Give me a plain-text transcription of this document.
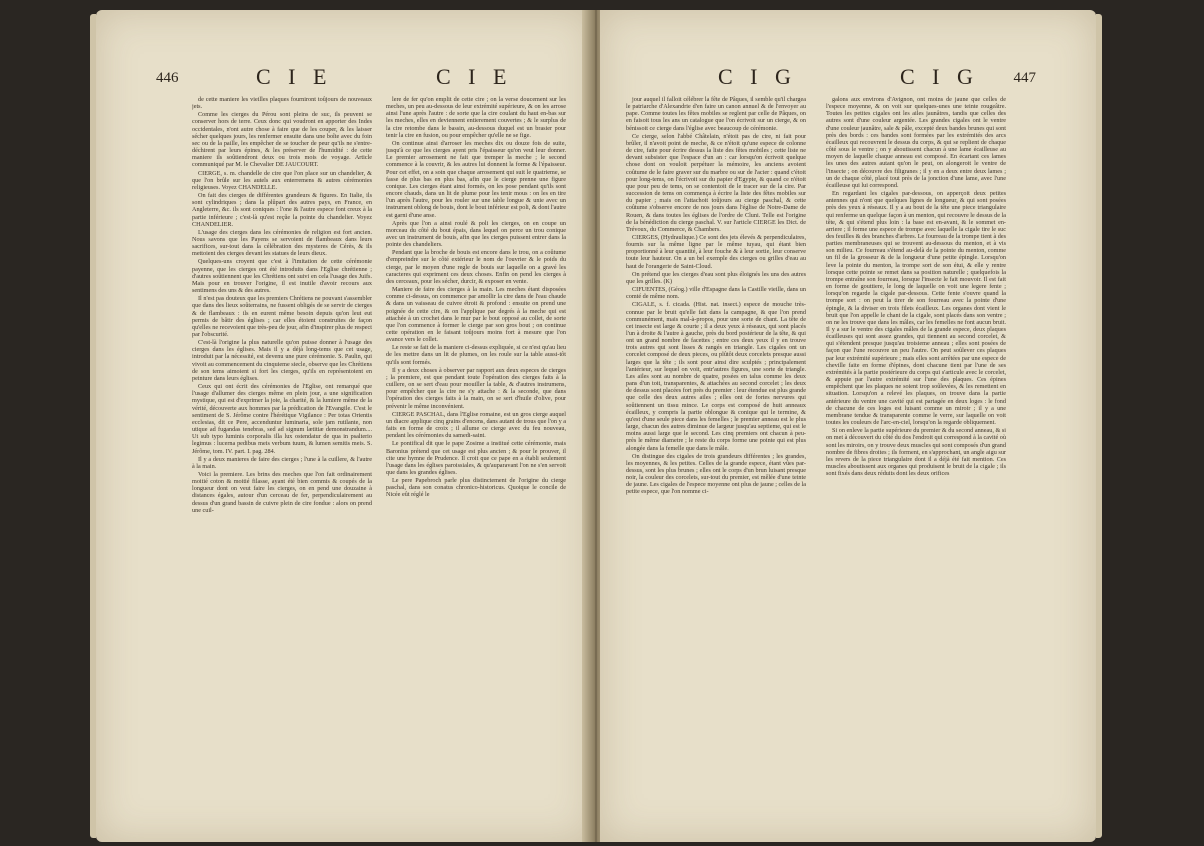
446	C I E	C I E

de cette maniere les vieilles plaques fourniront toûjours de nouveaux jets.

Comme les cierges du Pérou sont pleins de suc, ils peuvent se conserver hors de terre. Ceux donc qui voudront en apporter des Indes occidentales, n'ont autre chose à faire que de les couper, & les laisser sécher quelques jours, les renfermer ensuite dans une boîte avec du foin sec ou de la paille, les empêcher de se toucher de peur qu'ils ne s'entre-déchirent par leurs épines, & les préserver de l'humidité : de cette maniere ils soûtiendront deux ou trois mois de voyage. Article communiqué par M. le Chevalier DE JAUCOURT.

CIERGE, s. m. chandelle de cire que l'on place sur un chandelier, & que l'on brûle sur les autels aux enterremens & autres cérémonies religieuses. Voyez CHANDELLE.

On fait des cierges de différentes grandeurs & figures. En Italie, ils sont cylindriques ; dans la plûpart des autres pays, en France, en Angleterre, &c. ils sont coniques : l'one & l'autre espece font creux à la partie inférieure ; c'est-là qu'est reçûe la pointe du chandelier. Voyez CHANDELIER.

L'usage des cierges dans les cérémonies de religion est fort ancien. Nous savons que les Payens se servoient de flambeaux dans leurs sacrifices, sur-tout dans la célébration des mysteres de Cérès, & ils mettoient des cierges devant les statues de leurs dieux.

Quelques-uns croyent que c'est à l'imitation de cette cérémonie payenne, que les cierges ont été introduits dans l'Eglise chrétienne ; d'autres soûtiennent que les Chrétiens ont suivi en cela l'usage des Juifs. Mais pour en trouver l'origine, il est inutile d'avoir recours aux sentimens des uns & des autres.

Il n'est pas douteux que les premiers Chrétiens ne pouvant s'assembler que dans des lieux soûterrains, ne fussent obligés de se servir de cierges & de flambeaux : ils en eurent même besoin depuis qu'on leut eut permis de bâtir des églises ; car elles étoient construites de façon qu'elles ne recevoient que très-peu de jour, afin d'inspirer plus de respect par l'obscurité.

C'est-là l'origine la plus naturelle qu'on puisse donner à l'usage des cierges dans les églises. Mais il y a déjà long-tems que cet usage, introduit par la nécessité, est devenu une pure cérémonie. S. Paulin, qui vivoit au commencement du cinquieme siecle, observe que les Chrétiens de son tems aimoient si fort les cierges, qu'ils en représentoient en peinture dans leurs églises.

Ceux qui ont écrit des cérémonies de l'Eglise, ont remarqué que l'usage d'allumer des cierges même en plein jour, a une signification mystique, qui est d'exprimer la joie, la charité, & la lumiere même de la vérité, découverte aux hommes par la prédication de l'Evangile. C'est le sentiment de S. Jérôme contre l'hérétique Vigilance : Per totas Orientis ecclesias, dit ce Pere, accenduntur luminaria, sole jam rutilante, non utique ad fugandas tenebras, sed ad signum lætitiæ demonstrandum.... Ut sub typo luminis corporalis illa lux ostendatur de qua in psalterio legimus : lucerna pedibus meis verbum tuum, & lumen semitis meis. S. Jérôme, tom. IV. part. I. pag. 284.

Il y a deux manieres de faire des cierges ; l'une à la cuillere, & l'autre à la main.

Voici la premiere. Les brins des meches que l'on fait ordinairement moitié coton & moitié filasse, ayant été bien commis & coupés de la longueur dont on veut faire les cierges, on en pend une douzaine à distances égales, autour d'un cerceau de fer, perpendiculairement au dessus d'un grand bassin de cuivre plein de cire fondue : alors on prend une cuil-

lere de fer qu'on emplit de cette cire ; on la verse doucement sur les meches, un peu au-dessous de leur extrémité supérieure, & on les arrose ainsi l'une après l'autre : de sorte que la cire coulant du haut en-bas sur les meches, elles en deviennent entierement couvertes ; & le surplus de la cire retombe dans le bassin, au-dessous duquel est un brasier pour tenir la cire en fusion, ou pour empêcher qu'elle ne se fige.

On continue ainsi d'arroser les meches dix ou douze fois de suite, jusqu'à ce que les cierges ayent pris l'épaisseur qu'on veut leur donner. Le premier arrosement ne fait que tremper la meche ; le second commence à la couvrir, & les autres lui donnent la forme & l'épaisseur. Pour cet effet, on a soin que chaque arrosement qui suit le quatrieme, se fasse de plus bas en plus bas, afin que le cierge prenne une figure conique. Les cierges étant ainsi formés, on les pose pendant qu'ils sont encore chauds, dans un lit de plume pour les tenir mous : on les en tire l'un après l'autre, pour les rouler sur une table longue & unie avec un instrument oblong de bouis, dont le bout inférieur est poli, & dont l'autre est garni d'une anse.

Après que l'on a ainsi roulé & poli les cierges, on en coupe un morceau du côté du bout épais, dans lequel on perce un trou conique avec un instrument de bouis, afin que les cierges puissent entrer dans la pointe des chandeliers.

Pendant que la broche de bouis est encore dans le trou, on a coûtume d'empreindre sur le côté extérieur le nom de l'ouvrier & le poids du cierge, par le moyen d'une regle de bouis sur laquelle on a gravé les caracteres qui expriment ces deux choses. Enfin on pend les cierges à des cerceaux, pour les sécher, durcir, & exposer en vente.

Maniere de faire des cierges à la main. Les meches étant disposées comme ci-dessus, on commence par amollir la cire dans de l'eau chaude & dans un vaisseau de cuivre étroit & profond : ensuite on prend une poignée de cette cire, & on l'applique par degrés à la meche qui est attachée à un crochet dans le mur par le bout opposé au collet, de sorte que l'on commence à former le cierge par son gros bout ; on continue cette opération en le faisant toûjours moins fort à mesure que l'on avance vers le collet.

Le reste se fait de la maniere ci-dessus expliquée, si ce n'est qu'au lieu de les mettre dans un lit de plumes, on les roule sur la table aussi-tôt qu'ils sont formés.

Il y a deux choses à observer par rapport aux deux especes de cierges ; la premiere, est que pendant toute l'opération des cierges faits à la cuillere, on se sert d'eau pour mouiller la table, & d'autres instrumens, pour empêcher que la cire ne s'y attache : & la seconde, que dans l'opération des cierges faits à la main, on se sert d'huile d'olive, pour prévenir le même inconvénient.

CIERGE PASCHAL, dans l'Eglise romaine, est un gros cierge auquel un diacre applique cinq grains d'encens, dans autant de trous que l'on y a faits en forme de croix ; il allume ce cierge avec du feu nouveau, pendant les cérémonies du samedi-saint.

Le pontifical dit que le pape Zosime a institué cette cérémonie, mais Baronius prétend que cet usage est plus ancien ; & pour le prouver, il cite une hymne de Prudence. Il croit que ce pape en a établi seulement l'usage dans les églises paroissiales, & qu'auparavant l'on ne s'en servoit que dans les grandes églises.

Le pere Papebroch parle plus distinctement de l'origine du cierge paschal, dans son conatus chronico-historicus. Quoique le concile de Nicée eût réglé le

C I G	C I G 447

jour auquel il falloit célébrer la fête de Pâques, il semble qu'il chargea le patriarche d'Alexandrie d'en faire un canon annuel & de l'envoyer au pape. Comme toutes les fêtes mobiles se reglent par celle de Pâques, on en faisoit tous les ans un catalogue que l'on écrivoit sur un cierge, & on bénissoit ce cierge dans l'église avec beaucoup de cérémonie.

Ce cierge, selon l'abbé Châtelain, n'étoit pas de cire, ni fait pour brûler, il n'avoit point de meche, & ce n'étoit qu'une espece de colonne de cire, faite pour écrire dessus la liste des fêtes mobiles ; cette liste ne devant subsister que l'espace d'un an : car lorsqu'on écrivoit quelque chose dont on vouloit perpétuer la mémoire, les anciens avoient coûtume de le faire graver sur du marbre ou sur de l'acier : quand c'étoit pour long-tems, on l'écrivoit sur du papier d'Egypte, & quand ce n'étoit que pour peu de tems, on se contentoit de le tracer sur de la cire. Par succession de tems on commença à écrire la liste des fêtes mobiles sur du papier ; mais on l'attachoit toûjours au cierge paschal, & cette coûtume s'observe encore de nos jours dans l'église de Notre-Dame de Rouen, & dans toutes les églises de l'ordre de Cluni. Telle est l'origine de la bénédiction du cierge paschal. V. sur l'article CIERGE les Dict. de Trévoux, du Commerce, & Chambers.

CIERGES, (Hydraulique.) Ce sont des jets élevés & perpendiculaires, fournis sur la même ligne par le même tuyau, qui étant bien proportionné à leur quantité, à leur fouche & à leur sortie, leur conserve toute leur hauteur. On a un bel exemple des cierges ou grilles d'eau au haut de l'orangerie de Saint-Cloud.

On prétend que les cierges d'eau sont plus éloignés les uns des autres que les grilles. (K)

CIFUENTES, (Géog.) ville d'Espagne dans la Castille vieille, dans un comté de même nom.

CIGALE, s. f. cicada. (Hist. nat. insect.) espece de mouche très-connue par le bruit qu'elle fait dans la campagne, & que l'on prend communément, mais mal-à-propos, pour une sorte de chant. La tête de cet insecte est large & courte ; il a deux yeux à réseaux, qui sont placés l'un à droite & l'autre à gauche, près du bord postérieur de la tête, & qui ont un grand nombre de facettes ; entre ces deux yeux il y en trouve trois autres qui sont lisses & rangés en triangle. Les cigales ont un corcelet composé de deux pieces, ou plûtôt deux corcelets presque aussi larges que la tête ; ils sont pour ainsi dire sculptés ; principalement l'antérieur, sur lequel on voit, entr'autres figures, une sorte de triangle. Les ailes sont au nombre de quatre, posées en talus comme les deux pans d'un toit, transparentes, & attachées au second corcelet ; les deux de dessus sont placées fort près du premier : leur étendue est plus grande que celle des deux autres ailes ; elles ont de fortes nervures qui soûtiennent un tissu mince. Le corps est composé de huit anneaux écailleux, y compris la partie oblongue & conique qui le termine, & qu'est d'une seule piece dans les femelles ; le premier anneau est le plus large, chacun des autres diminue de largeur jusqu'au septieme, qui est le moins aussi large que le second. Les cinq premiers ont chacun à peu-près le même diametre ; le reste du corps forme une pointe qui est plus alongée dans la femelle que dans le mâle.

On distingue des cigales de trois grandeurs différentes ; les grandes, les moyennes, & les petites. Celles de la grande espece, étant vûes par-dessus, sont les plus brunes ; elles ont le corps d'un brun luisant presque noir, la couleur des corcelets, sur-tout du premier, est mêlée d'une teinte de jaune. Les cigales de l'espece moyenne ont plus de jaune ; celles de la petite espece, que l'on nomme ci-

galons aux environs d'Avignon, ont moins de jaune que celles de l'espece moyenne, & on voit sur quelques-unes une teinte rougeâtre. Toutes les petites cigales ont les ailes jaunâtres, tandis que celles des autres sont d'une couleur argentée. Les grandes cigales ont le ventre d'une couleur jaunâtre, sale & pâle, excepté deux bandes brunes qui sont près des bords : ces bandes sont formées par les extrémités des arcs écailleux qui recouvrent le dessus du corps, & qui se replient de chaque côté sous le ventre ; on y aboutissent chacun à une lame écailleuse au moyen de laquelle chaque anneau est composé. En écartant ces lames les unes des autres autant qu'on le peut, on alongeroit le ventre de l'insecte ; on découvre des filigranes ; il y en a deux entre deux lames ; un de chaque côté, placé tout près de la jonction d'une lame, avec l'une écailleuse qui lui correspond.

En regardant les cigales par-dessous, on apperçoit deux petites antennes qui n'ont que quelques lignes de longueur, & qui sont posées près des yeux à réseaux. Il y a au bout de la tête une piece triangulaire qui renferme un quelque façon à un menton, qui recouvre le dessus de la tête, & qui s'étend plus loin : la base est en-avant, & le sommet en-arriere ; il forme une espece de trompe avec laquelle la cigale tire le suc des feuilles & des branches d'arbres. Le fourreau de la trompe tient à des parties membraneuses qui se trouvent au-dessous du menton, et à vis son milieu. Ce fourreau s'étend au-delà de la pointe du menton, comme un fil de la grosseur & de la longueur d'une petite épingle. Lorsqu'on leve la pointe du menton, la trompe sort de son étui, & elle y rentre lorsque cette pointe se remet dans sa position naturelle ; quelquefois la trompe entraîne son fourreau, lorsque l'insecte le fait mouvoir. Il est fait en forme de gouttiere, le long de laquelle on voit une legere fente ; lorsqu'on regarde la cigale par-dessous. Cette fente s'ouvre quand la trompe sort : on peut la tirer de son fourreau avec la pointe d'une épingle, & la diviser en trois filets écailleux. Les organes dont vient le bruit que l'on appelle le chant de la cigale, sont placés dans son ventre ; on ne les trouve que dans les mâles, car les femelles ne font aucun bruit. Il y a sur le ventre des cigales mâles de la grande espece, deux plaques écailleuses qui sont assez grandes, qui tiennent au second corcelet, & qui s'étendent presque jusqu'au troisieme anneau ; elles sont posées de façon que l'une recouvre un peu l'autre. On peut soûlever ces plaques par leur extrémité supérieure ; mais elles sont arrêtées par une espece de cheville faite en forme d'épines, dont chacune tient par l'une de ses extrémités à la partie postérieure du corps qui s'articule avec le corcelet, & appuie par l'autre extrémité sur l'une des plaques. Ces épines empêchent que les plaques ne soient trop soûlevées, & les remettent en situation. Lorsqu'on a relevé les plaques, on trouve dans la partie antérieure du ventre une cavité qui est partagée en deux loges : le fond de chacune de ces loges est luisant comme un miroir ; il y a une membrane tendue & transparente comme le verre, sur laquelle on voit toutes les couleurs de l'arc-en-ciel, lorsqu'on la regarde obliquement.

Si on enleve la partie supérieure du premier & du second anneau, & si on met à découvert du côté du dos l'endroit qui correspond à la cavité où sont les miroirs, on y trouve deux muscles qui sont composés d'un grand nombre de fibres droites ; ils forment, en s'approchant, un angle aigu sur les revers de la piece triangulaire dont il a déjà été fait mention. Ces muscles aboutissent aux organes qui produisent le bruit de la cigale ; ils sont fixés dans deux réduits dont les deux orifices
